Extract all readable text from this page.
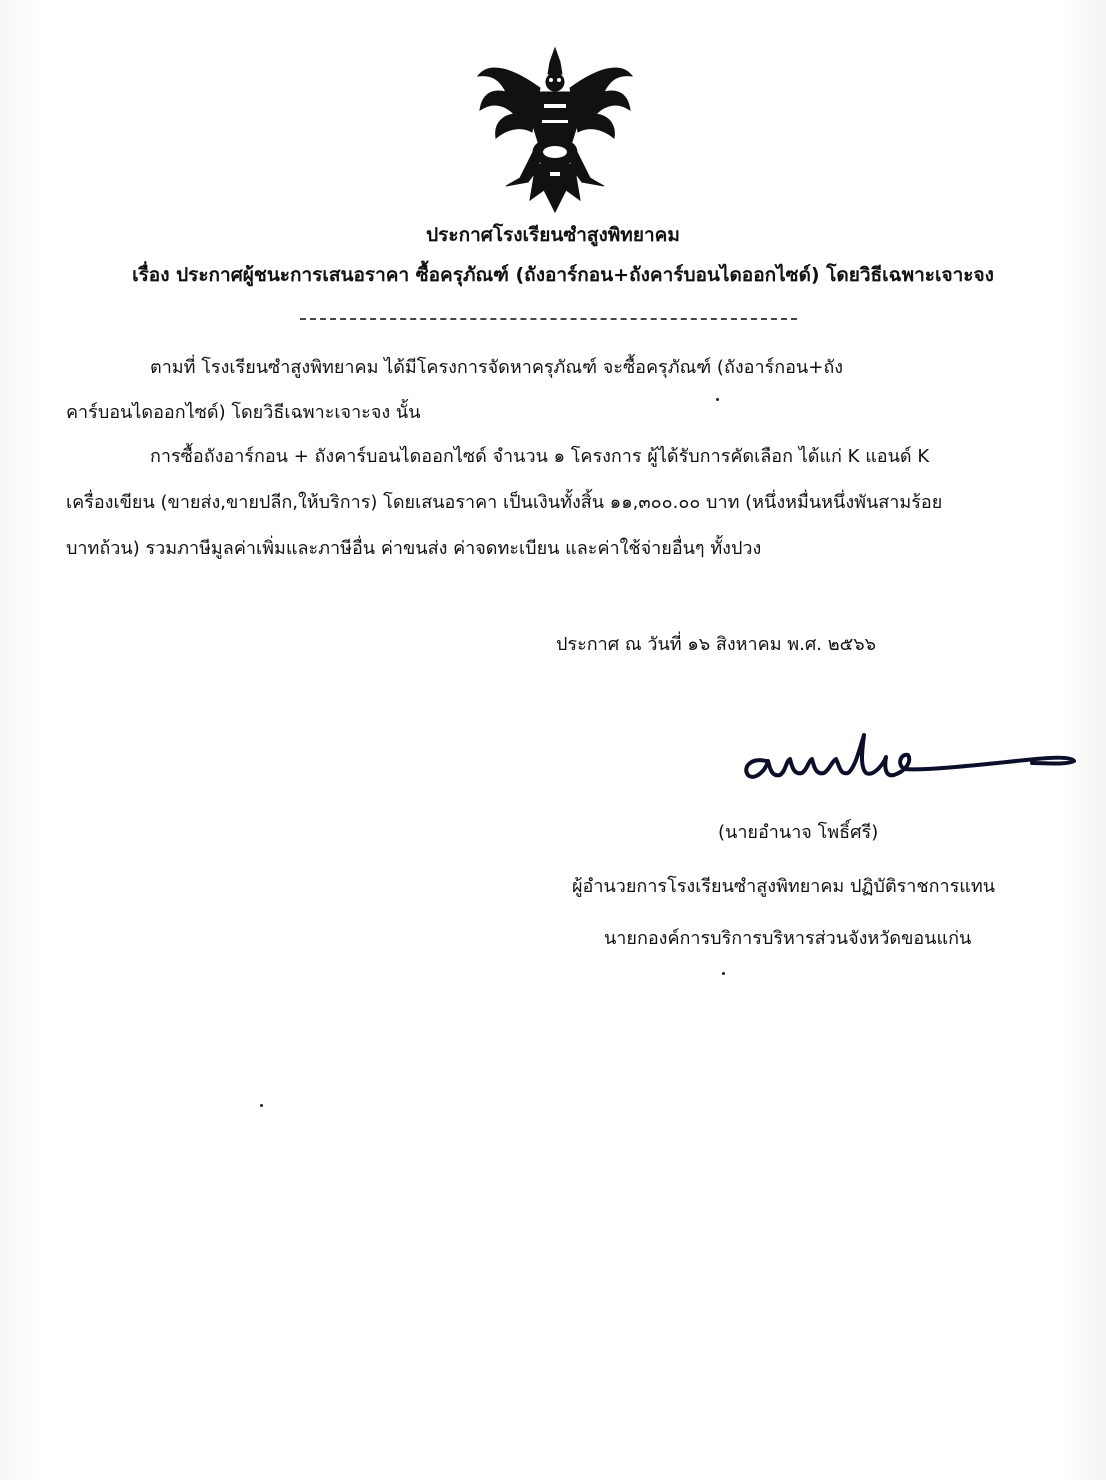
ประกาศโรงเรียนซำสูงพิทยาคม
เรื่อง ประกาศผู้ชนะการเสนอราคา ซื้อครุภัณฑ์ (ถังอาร์กอน+ถังคาร์บอนไดออกไซด์) โดยวิธีเฉพาะเจาะจง
ตามที่ โรงเรียนซำสูงพิทยาคม ได้มีโครงการจัดหาครุภัณฑ์ จะซื้อครุภัณฑ์ (ถังอาร์กอน+ถัง
คาร์บอนไดออกไซด์) โดยวิธีเฉพาะเจาะจง นั้น
การซื้อถังอาร์กอน + ถังคาร์บอนไดออกไซด์ จำนวน ๑ โครงการ ผู้ได้รับการคัดเลือก ได้แก่ K แอนด์ K
เครื่องเขียน (ขายส่ง,ขายปลีก,ให้บริการ) โดยเสนอราคา เป็นเงินทั้งสิ้น ๑๑,๓๐๐.๐๐ บาท (หนึ่งหมื่นหนึ่งพันสามร้อย
บาทถ้วน) รวมภาษีมูลค่าเพิ่มและภาษีอื่น ค่าขนส่ง ค่าจดทะเบียน และค่าใช้จ่ายอื่นๆ ทั้งปวง
ประกาศ ณ วันที่ ๑๖ สิงหาคม พ.ศ. ๒๕๖๖
(นายอำนาจ โพธิ์ศรี)
ผู้อำนวยการโรงเรียนซำสูงพิทยาคม ปฏิบัติราชการแทน
นายกองค์การบริการบริหารส่วนจังหวัดขอนแก่น
